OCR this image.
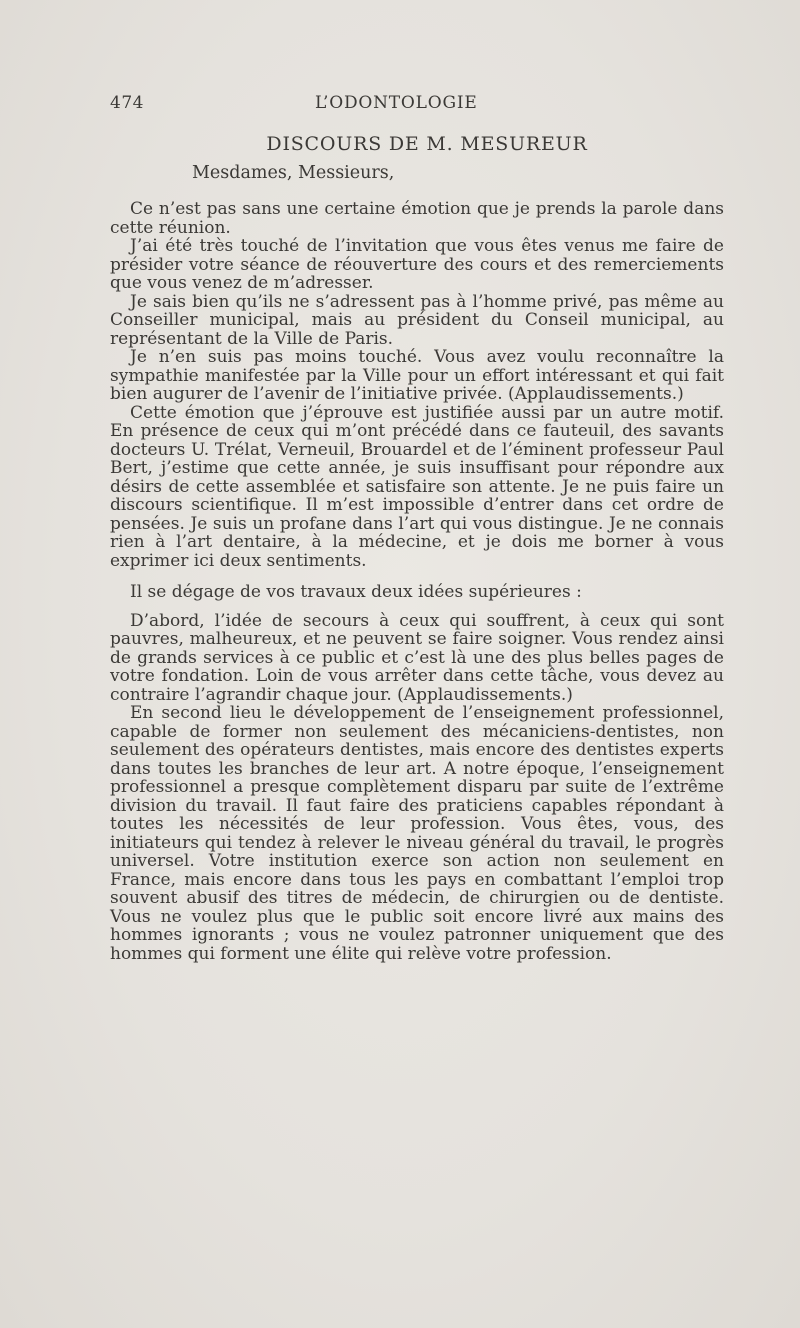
474	L’ODONTOLOGIE
DISCOURS DE M. MESUREUR
Mesdames, Messieurs,

Ce n’est pas sans une certaine émotion que je prends la parole dans cette réunion.

J’ai été très touché de l’invitation que vous êtes venus me faire de présider votre séance de réouverture des cours et des remerciements que vous venez de m’adresser.

Je sais bien qu’ils ne s’adressent pas à l’homme privé, pas même au Conseiller municipal, mais au président du Conseil municipal, au représentant de la Ville de Paris.

Je n’en suis pas moins touché. Vous avez voulu reconnaître la sympathie manifestée par la Ville pour un effort intéressant et qui fait bien augurer de l’avenir de l’initiative privée. (Applaudissements.)

Cette émotion que j’éprouve est justifiée aussi par un autre motif. En présence de ceux qui m’ont précédé dans ce fauteuil, des savants docteurs U. Trélat, Verneuil, Brouardel et de l’éminent professeur Paul Bert, j’estime que cette année, je suis insuffisant pour répondre aux désirs de cette assemblée et satisfaire son attente. Je ne puis faire un discours scientifique. Il m’est impossible d’entrer dans cet ordre de pensées. Je suis un profane dans l’art qui vous distingue. Je ne connais rien à l’art dentaire, à la médecine, et je dois me borner à vous exprimer ici deux sentiments.

Il se dégage de vos travaux deux idées supérieures :

D’abord, l’idée de secours à ceux qui souffrent, à ceux qui sont pauvres, malheureux, et ne peuvent se faire soigner. Vous rendez ainsi de grands services à ce public et c’est là une des plus belles pages de votre fondation. Loin de vous arrêter dans cette tâche, vous devez au contraire l’agrandir chaque jour. (Applaudissements.)

En second lieu le développement de l’enseignement professionnel, capable de former non seulement des mécaniciens-dentistes, non seulement des opérateurs dentistes, mais encore des dentistes experts dans toutes les branches de leur art. A notre époque, l’enseignement professionnel a presque complètement disparu par suite de l’extrême division du travail. Il faut faire des praticiens capables répondant à toutes les nécessités de leur profession. Vous êtes, vous, des initiateurs qui tendez à relever le niveau général du travail, le progrès universel. Votre institution exerce son action non seulement en France, mais encore dans tous les pays en combattant l’emploi trop souvent abusif des titres de médecin, de chirurgien ou de dentiste. Vous ne voulez plus que le public soit encore livré aux mains des hommes ignorants ; vous ne voulez patronner uniquement que des hommes qui forment une élite qui relève votre profession.
